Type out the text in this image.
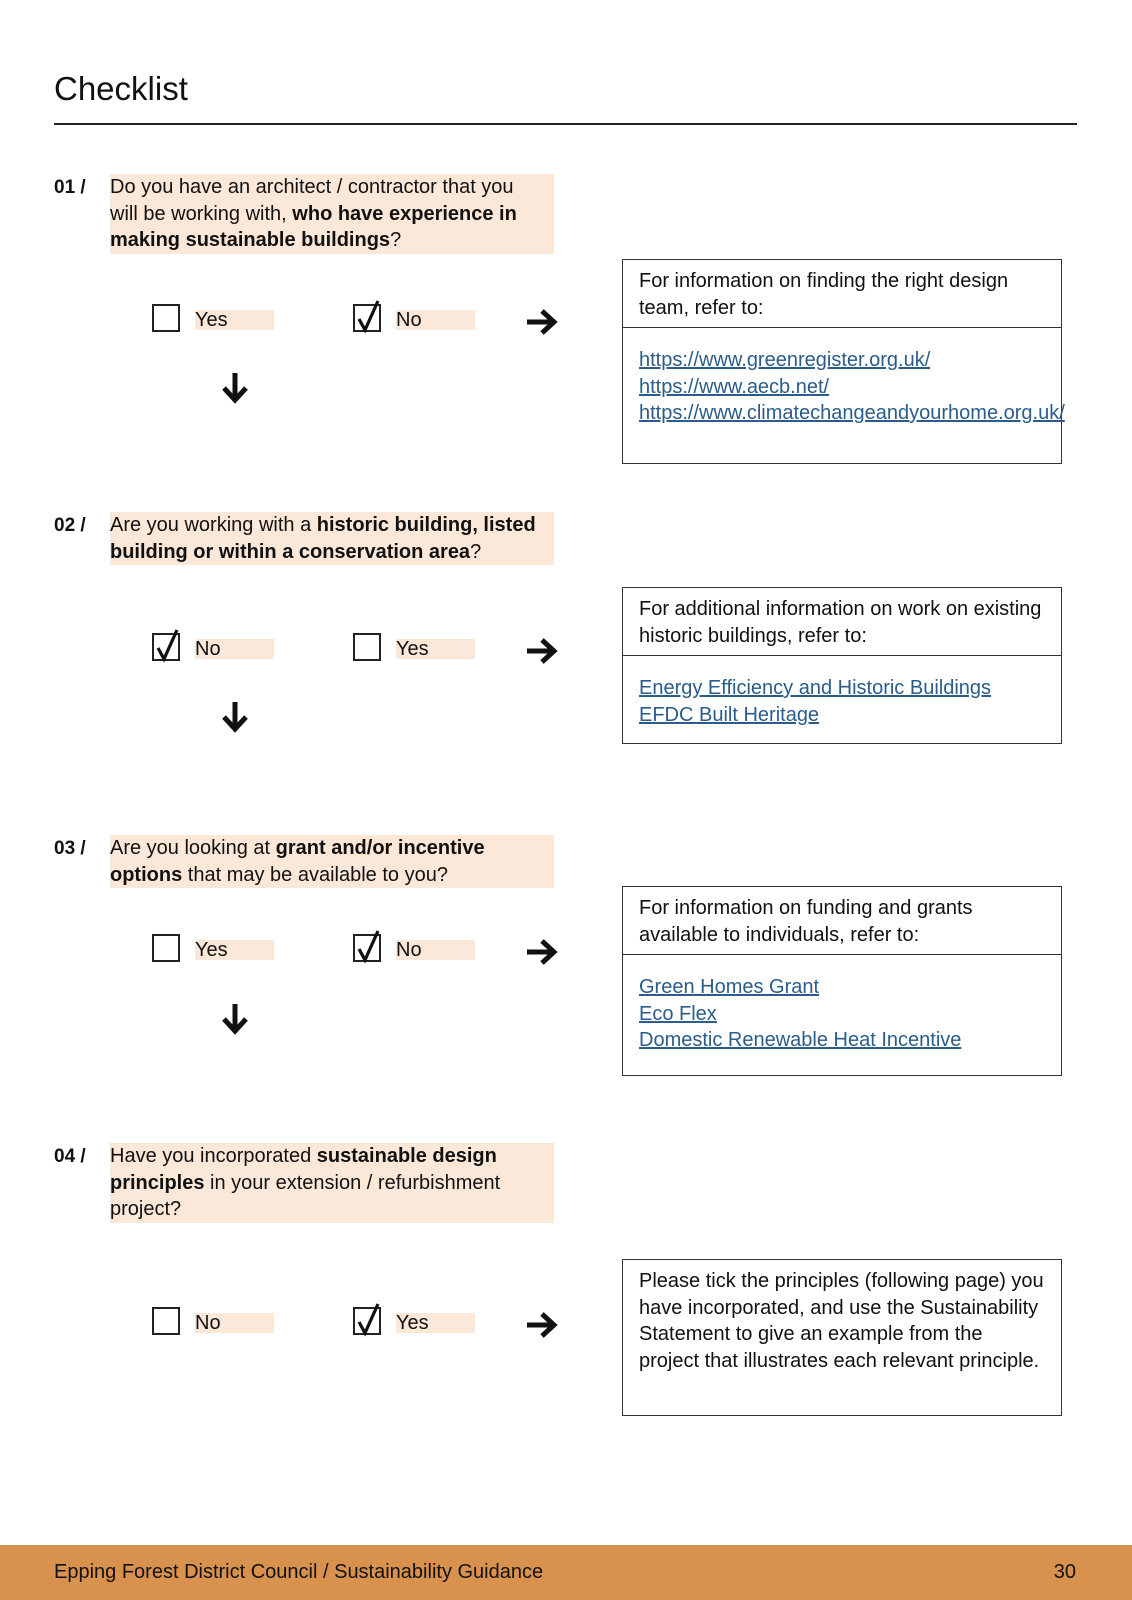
Checklist
01 / Do you have an architect / contractor that you will be working with, who have experience in making sustainable buildings?
Yes	No
For information on finding the right design team, refer to:
https://www.greenregister.org.uk/
https://www.aecb.net/
https://www.climatechangeandyourhome.org.uk/
02 / Are you working with a historic building, listed building or within a conservation area?
No	Yes
For additional information on work on existing historic buildings, refer to:
Energy Efficiency and Historic Buildings
EFDC Built Heritage
03 / Are you looking at grant and/or incentive options that may be available to you?
Yes	No
For information on funding and grants available to individuals, refer to:
Green Homes Grant
Eco Flex
Domestic Renewable Heat Incentive
04 / Have you incorporated sustainable design principles in your extension / refurbishment project?
No	Yes
Please tick the principles (following page) you have incorporated, and use the Sustainability Statement to give an example from the project that illustrates each relevant principle.
Epping Forest District Council / Sustainability Guidance	30
